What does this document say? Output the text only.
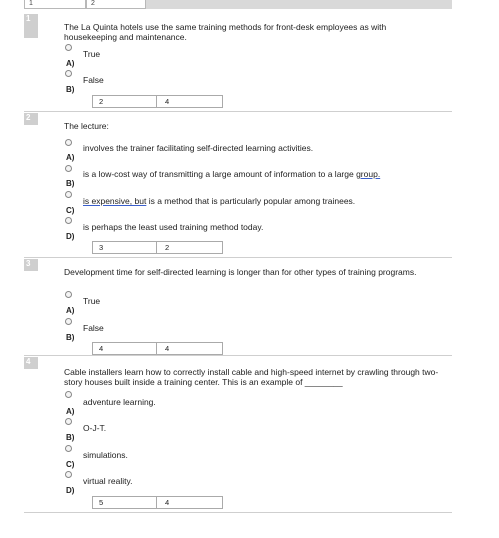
1	2
1
The La Quinta hotels use the same training methods for front-desk employees as with housekeeping and maintenance.
True
A)
False
B)
2	4
2
The lecture:
involves the trainer facilitating self-directed learning activities.
A)
is a low-cost way of transmitting a large amount of information to a large group.
B)
is expensive, but is a method that is particularly popular among trainees.
C)
is perhaps the least used training method today.
D)
3	2
3
Development time for self-directed learning is longer than for other types of training programs.
True
A)
False
B)
4	4
4
Cable installers learn how to correctly install cable and high-speed internet by crawling through two-story houses built inside a training center. This is an example of ________
adventure learning.
A)
O-J-T.
B)
simulations.
C)
virtual reality.
D)
5	4
